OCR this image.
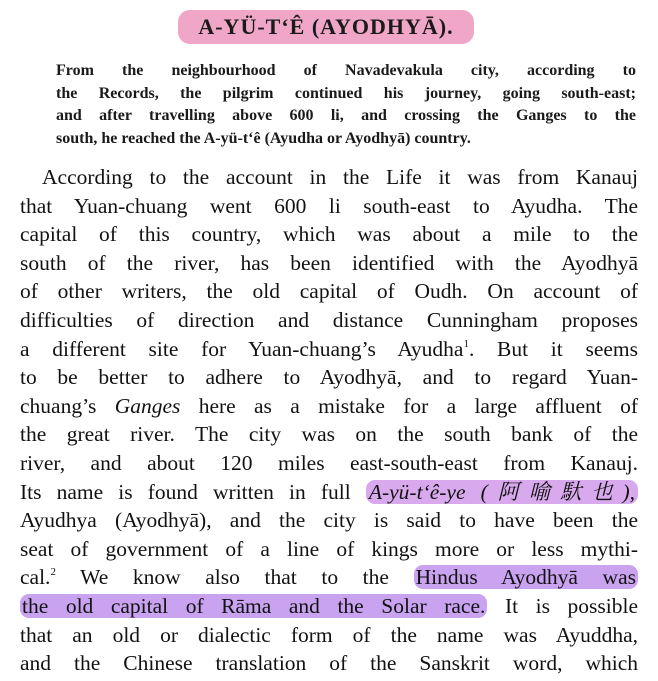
A-YÜ-T‘Ê (AYODHYĀ).
From the neighbourhood of Navadevakula city, according to
the Records, the pilgrim continued his journey, going south-east;
and after travelling above 600 li, and crossing the Ganges to the
south, he reached the A-yü-t‘ê (Ayudha or Ayodhyā) country.
According to the account in the Life it was from Kanauj
that Yuan-chuang went 600 li south-east to Ayudha. The
capital of this country, which was about a mile to the
south of the river, has been identified with the Ayodhyā
of other writers, the old capital of Oudh. On account of
difficulties of direction and distance Cunningham proposes
a different site for Yuan-chuang’s Ayudha$^1$. But it seems
to be better to adhere to Ayodhyā, and to regard Yuan-
chuang’s Ganges here as a mistake for a large affluent of
the great river. The city was on the south bank of the
river, and about 120 miles east-south-east from Kanauj.
Its name is found written in full A-yü-t‘ê-ye (阿喻馱也),
Ayudhya (Ayodhyā), and the city is said to have been the
seat of government of a line of kings more or less mythi-
cal.$^2$ We know also that to the Hindus Ayodhyā was
the old capital of Rāma and the Solar race. It is possible
that an old or dialectic form of the name was Ayuddha,
and the Chinese translation of the Sanskrit word, which
